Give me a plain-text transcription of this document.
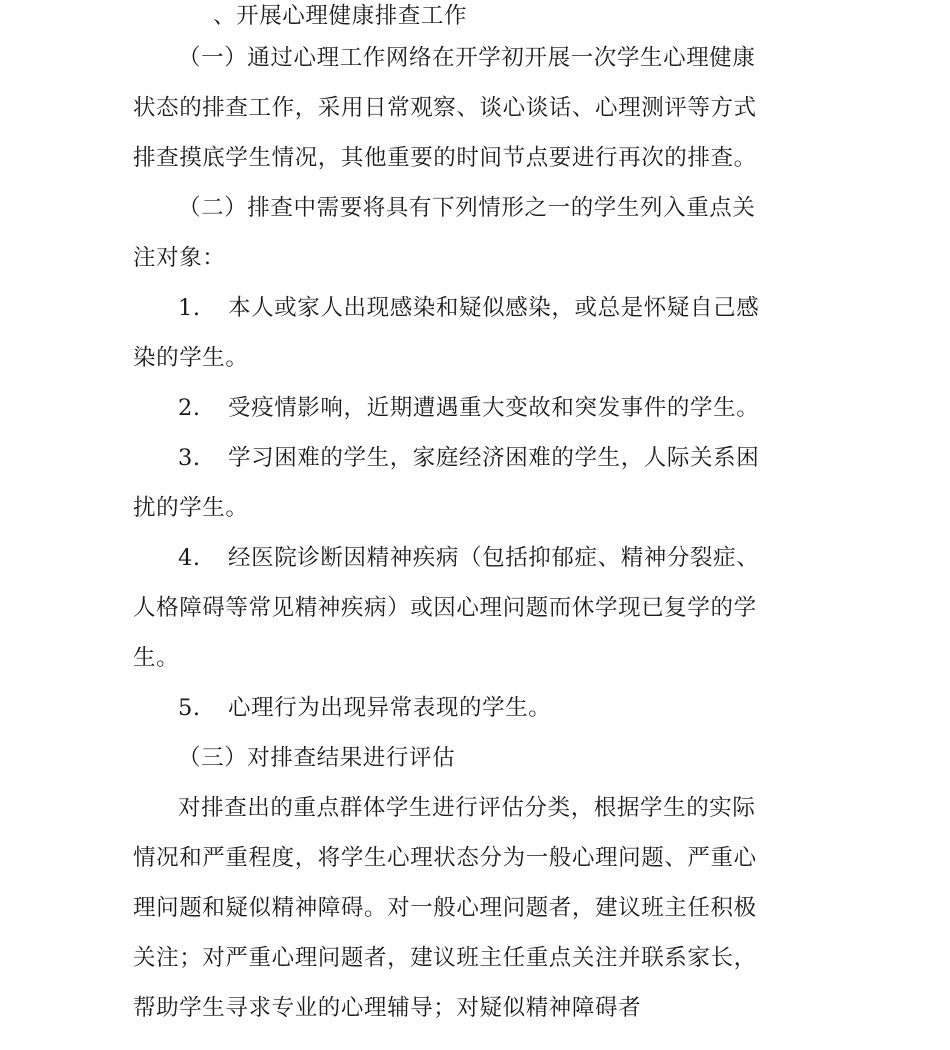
、开展心理健康排查工作
（一）通过心理工作网络在开学初开展一次学生心理健康
状态的排查工作，采用日常观察、谈心谈话、心理测评等方式
排查摸底学生情况，其他重要的时间节点要进行再次的排查。
（二）排查中需要将具有下列情形之一的学生列入重点关
注对象：
1. 本人或家人出现感染和疑似感染，或总是怀疑自己感
染的学生。
2. 受疫情影响，近期遭遇重大变故和突发事件的学生。
3. 学习困难的学生，家庭经济困难的学生，人际关系困
扰的学生。
4. 经医院诊断因精神疾病（包括抑郁症、精神分裂症、
人格障碍等常见精神疾病）或因心理问题而休学现已复学的学
生。
5. 心理行为出现异常表现的学生。
（三）对排查结果进行评估
对排查出的重点群体学生进行评估分类，根据学生的实际
情况和严重程度，将学生心理状态分为一般心理问题、严重心
理问题和疑似精神障碍。对一般心理问题者，建议班主任积极
关注；对严重心理问题者，建议班主任重点关注并联系家长，
帮助学生寻求专业的心理辅导；对疑似精神障碍者
